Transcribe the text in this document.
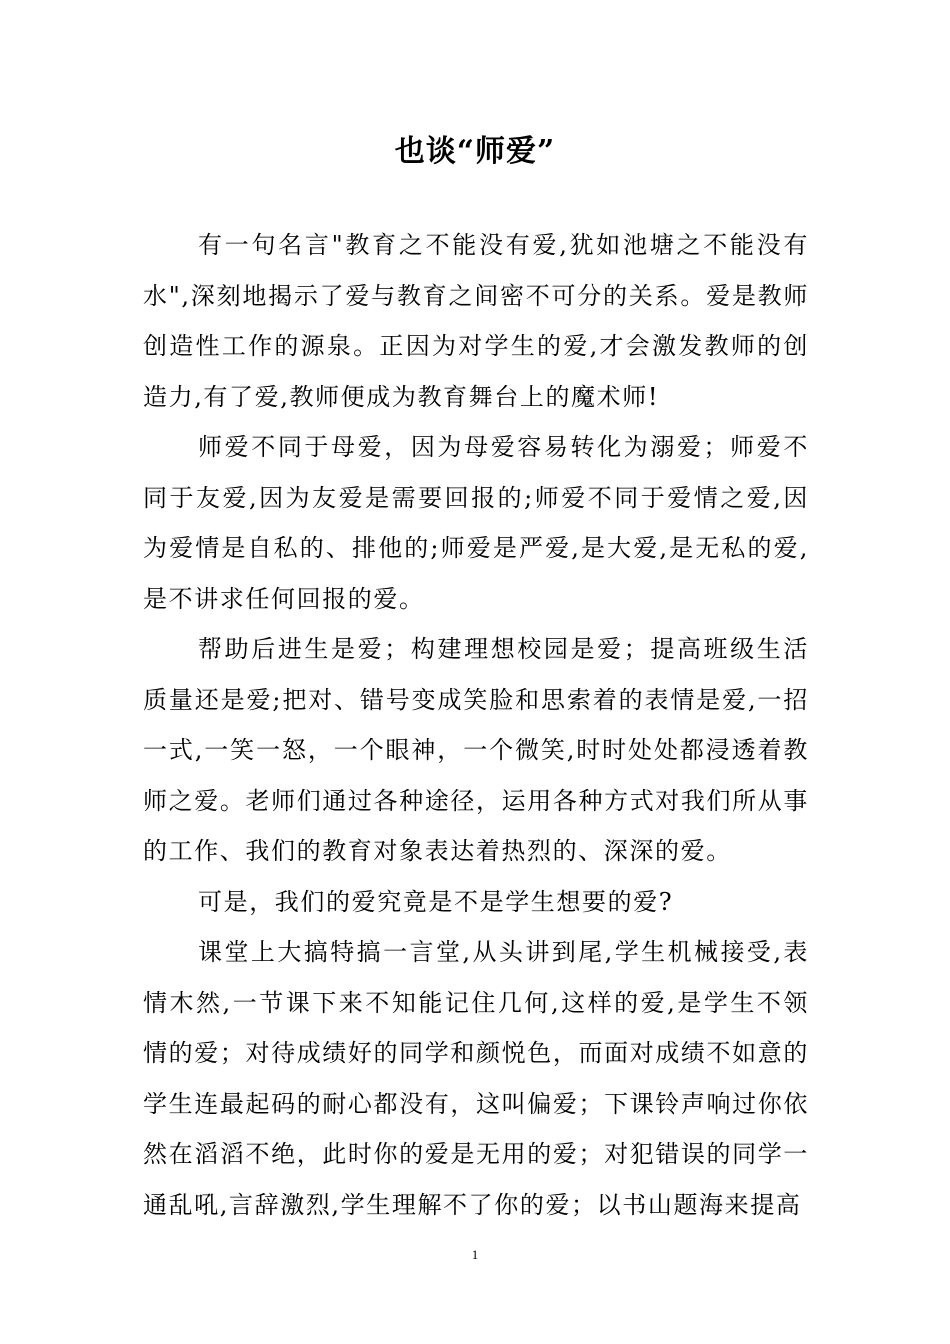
也谈“师爱”

有一句名言"教育之不能没有爱,犹如池塘之不能没有水",深刻地揭示了爱与教育之间密不可分的关系。爱是教师创造性工作的源泉。正因为对学生的爱,才会激发教师的创造力,有了爱,教师便成为教育舞台上的魔术师!

师爱不同于母爱，因为母爱容易转化为溺爱；师爱不同于友爱,因为友爱是需要回报的;师爱不同于爱情之爱,因为爱情是自私的、排他的;师爱是严爱,是大爱,是无私的爱,是不讲求任何回报的爱。

帮助后进生是爱；构建理想校园是爱；提高班级生活质量还是爱;把对、错号变成笑脸和思索着的表情是爱,一招一式,一笑一怒，一个眼神，一个微笑,时时处处都浸透着教师之爱。老师们通过各种途径，运用各种方式对我们所从事的工作、我们的教育对象表达着热烈的、深深的爱。

可是，我们的爱究竟是不是学生想要的爱?

课堂上大搞特搞一言堂,从头讲到尾,学生机械接受,表情木然,一节课下来不知能记住几何,这样的爱,是学生不领情的爱；对待成绩好的同学和颜悦色，而面对成绩不如意的学生连最起码的耐心都没有，这叫偏爱；下课铃声响过你依然在滔滔不绝，此时你的爱是无用的爱；对犯错误的同学一通乱吼,言辞激烈,学生理解不了你的爱；以书山题海来提高

1
